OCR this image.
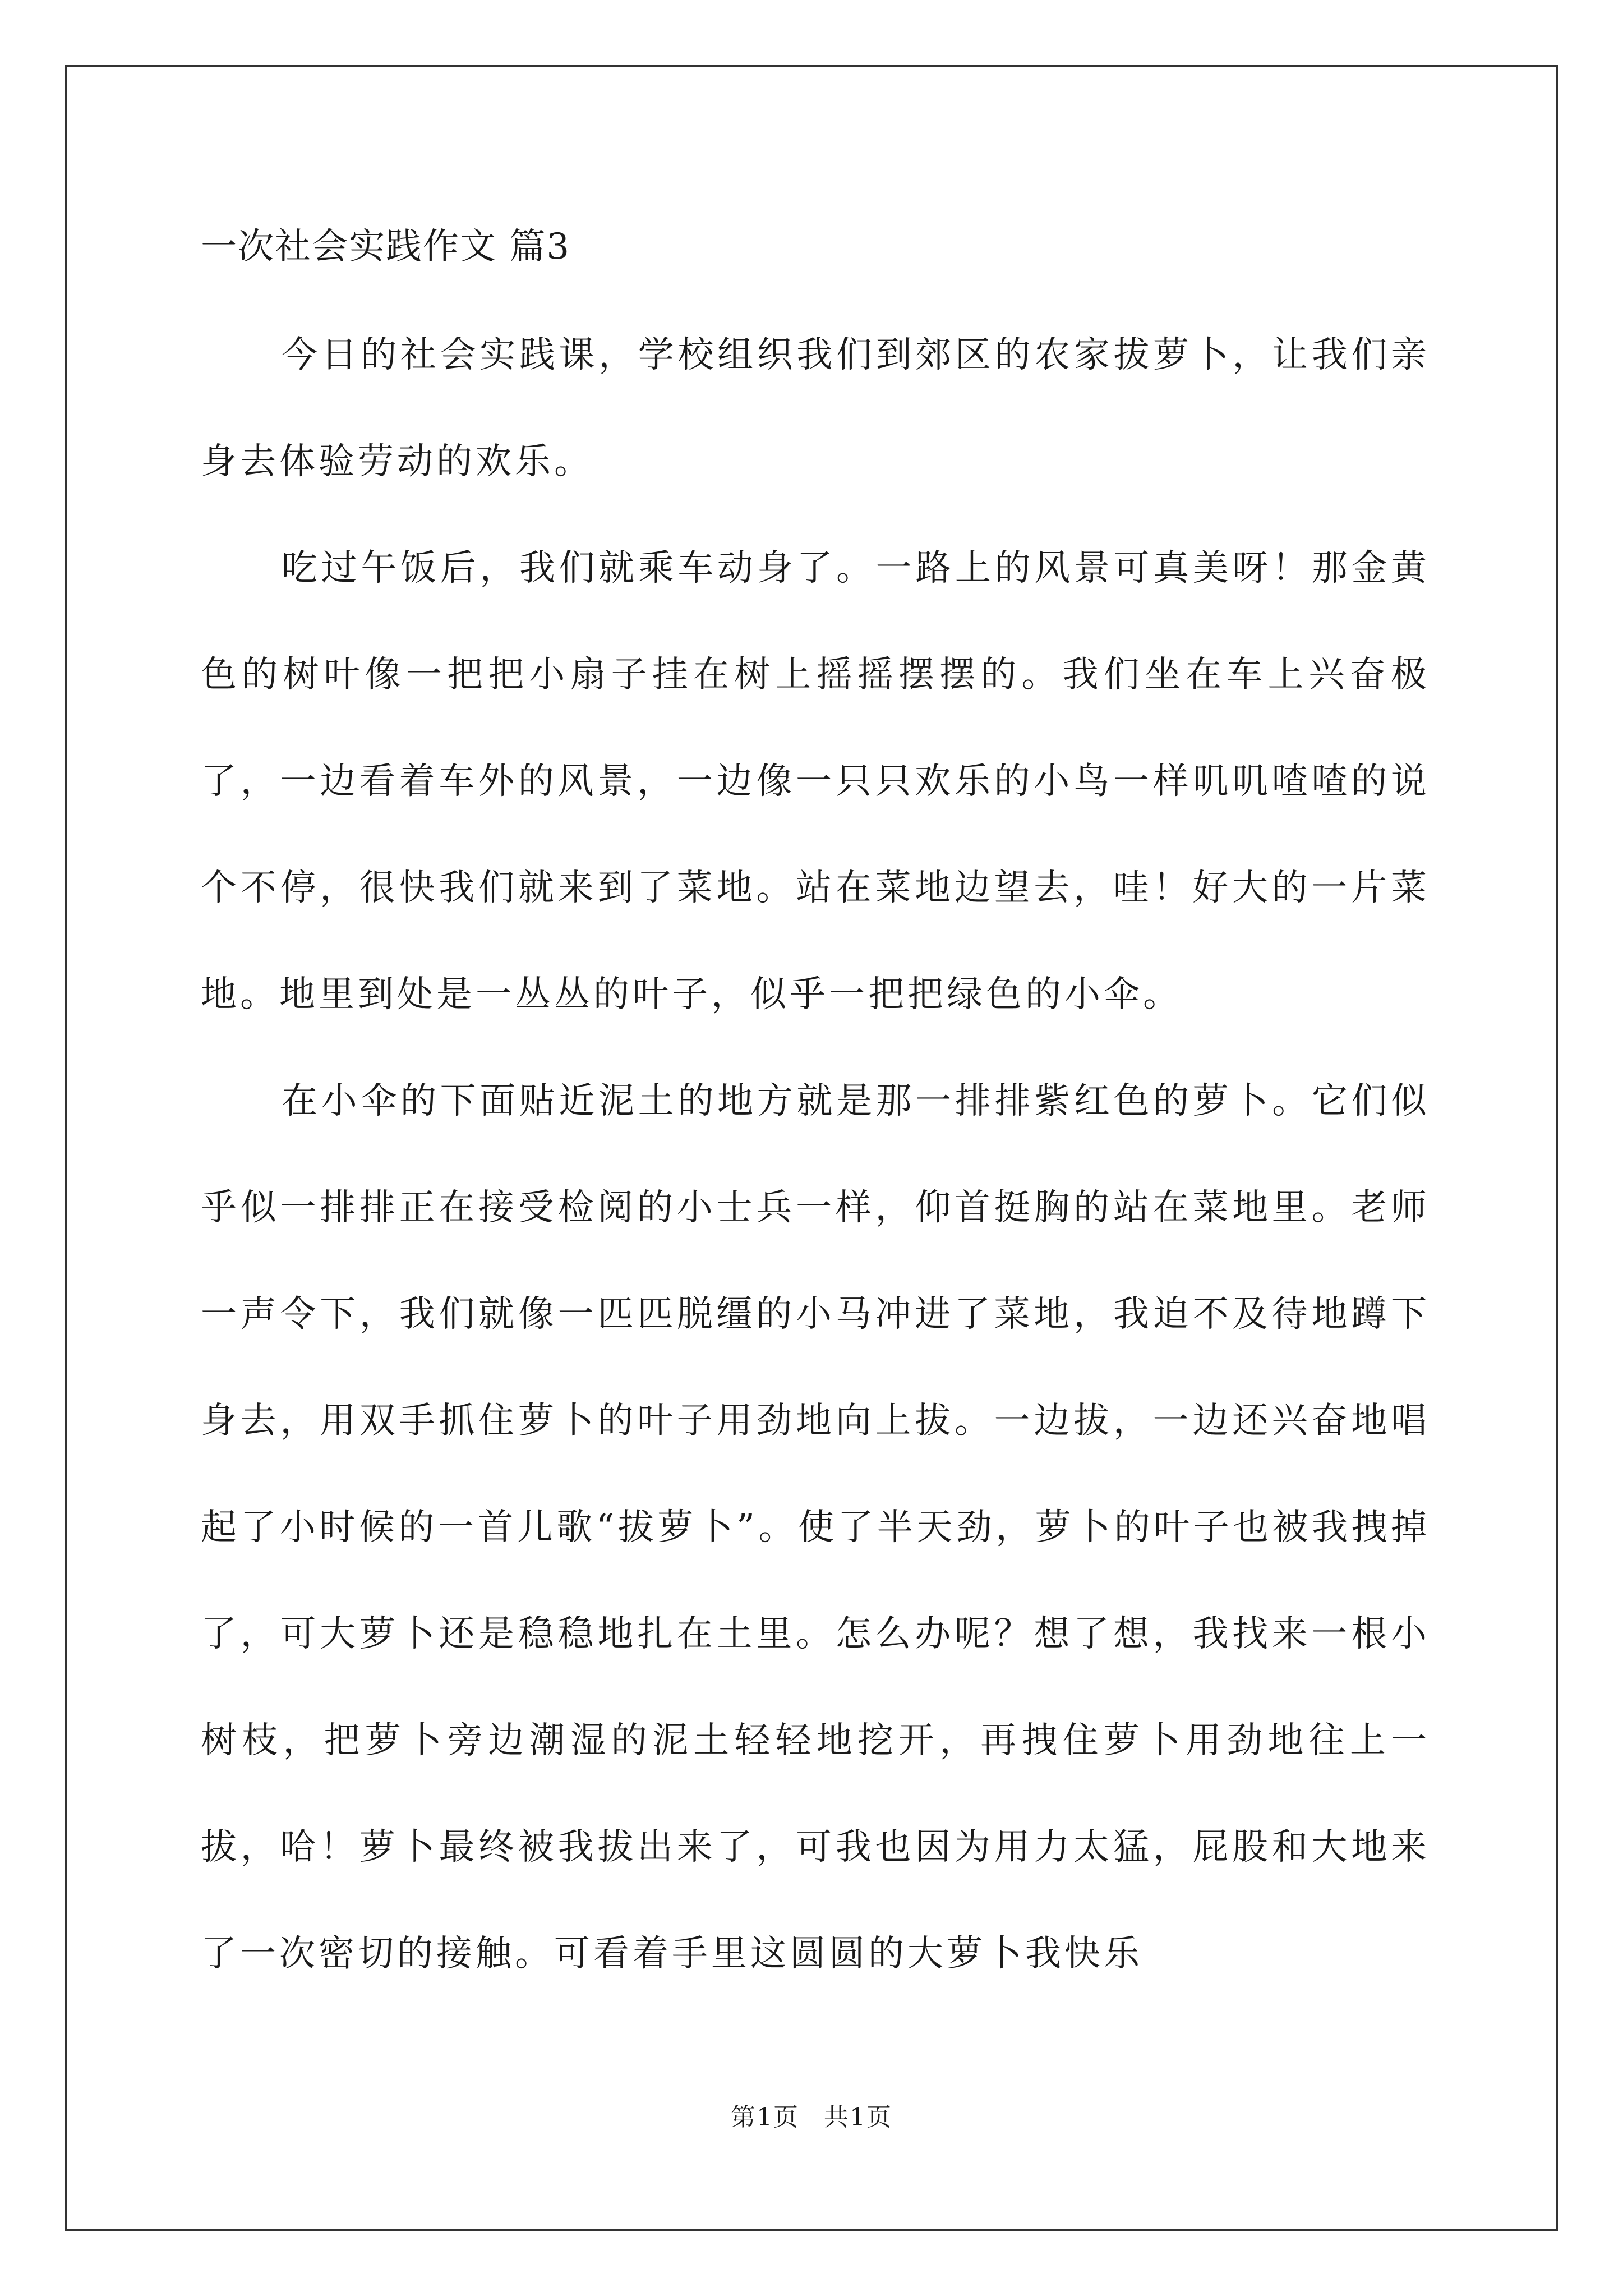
一次社会实践作文 篇3

今日的社会实践课，学校组织我们到郊区的农家拔萝卜，让我们亲身去体验劳动的欢乐。

吃过午饭后，我们就乘车动身了。一路上的风景可真美呀！那金黄色的树叶像一把把小扇子挂在树上摇摇摆摆的。我们坐在车上兴奋极了，一边看着车外的风景，一边像一只只欢乐的小鸟一样叽叽喳喳的说个不停，很快我们就来到了菜地。站在菜地边望去，哇！好大的一片菜地。地里到处是一丛丛的叶子，似乎一把把绿色的小伞。

在小伞的下面贴近泥土的地方就是那一排排紫红色的萝卜。它们似乎似一排排正在接受检阅的小士兵一样，仰首挺胸的站在菜地里。老师一声令下，我们就像一匹匹脱缰的小马冲进了菜地，我迫不及待地蹲下身去，用双手抓住萝卜的叶子用劲地向上拔。一边拔，一边还兴奋地唱起了小时候的一首儿歌“拔萝卜”。使了半天劲，萝卜的叶子也被我拽掉了，可大萝卜还是稳稳地扎在土里。怎么办呢？想了想，我找来一根小树枝，把萝卜旁边潮湿的泥土轻轻地挖开，再拽住萝卜用劲地往上一拔，哈！萝卜最终被我拔出来了，可我也因为用力太猛，屁股和大地来了一次密切的接触。可看着手里这圆圆的大萝卜我快乐

第1页 共1页
